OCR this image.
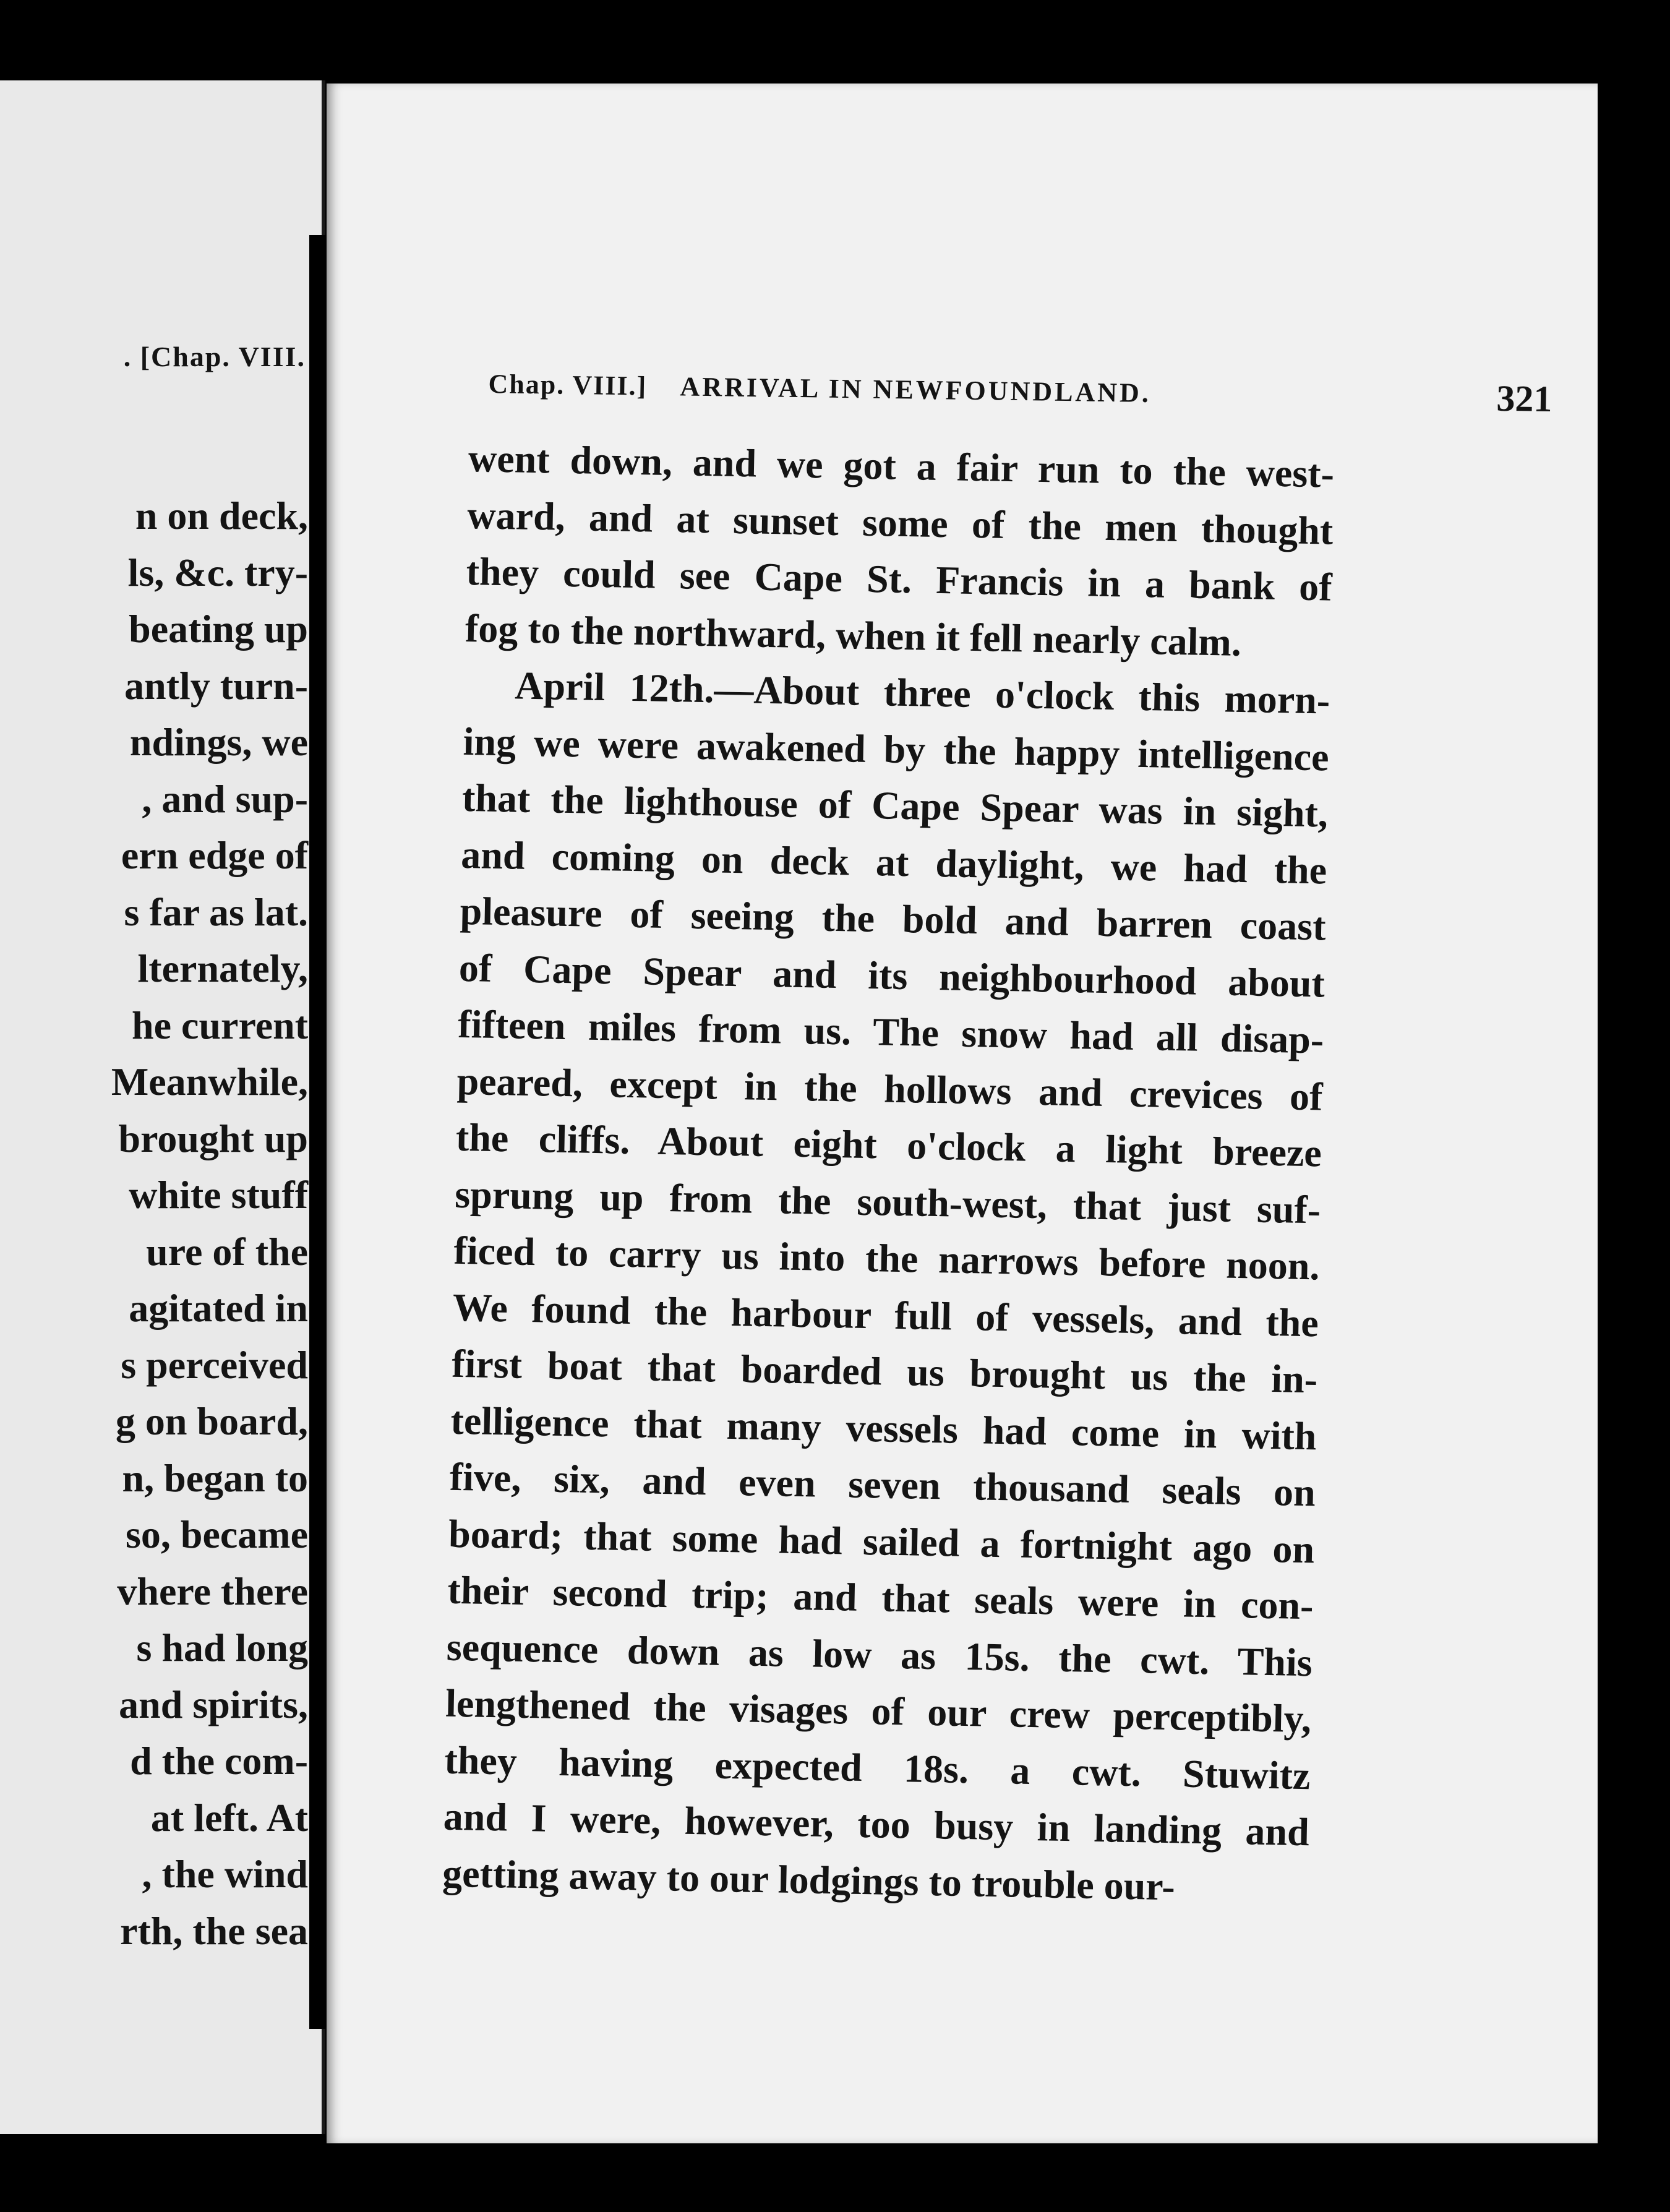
. [Chap. VIII.
n on deck,
ls, &c. try-
beating up
antly turn-
ndings, we
, and sup-
ern edge of
s far as lat.
lternately,
he current
Meanwhile,
brought up
white stuff
ure of the
agitated in
s perceived
g on board,
n, began to
so, became
vhere there
s had long
and spirits,
d the com-
at left. At
, the wind
rth, the sea
Chap. VIII.] ARRIVAL IN NEWFOUNDLAND.	321
went down, and we got a fair run to the west-
ward, and at sunset some of the men thought
they could see Cape St. Francis in a bank of
fog to the northward, when it fell nearly calm.
April 12th.—About three o'clock this morn-
ing we were awakened by the happy intelligence
that the lighthouse of Cape Spear was in sight,
and coming on deck at daylight, we had the
pleasure of seeing the bold and barren coast
of Cape Spear and its neighbourhood about
fifteen miles from us. The snow had all disap-
peared, except in the hollows and crevices of
the cliffs. About eight o'clock a light breeze
sprung up from the south-west, that just suf-
ficed to carry us into the narrows before noon.
We found the harbour full of vessels, and the
first boat that boarded us brought us the in-
telligence that many vessels had come in with
five, six, and even seven thousand seals on
board; that some had sailed a fortnight ago on
their second trip; and that seals were in con-
sequence down as low as 15s. the cwt. This
lengthened the visages of our crew perceptibly,
they having expected 18s. a cwt. Stuwitz
and I were, however, too busy in landing and
getting away to our lodgings to trouble our-
